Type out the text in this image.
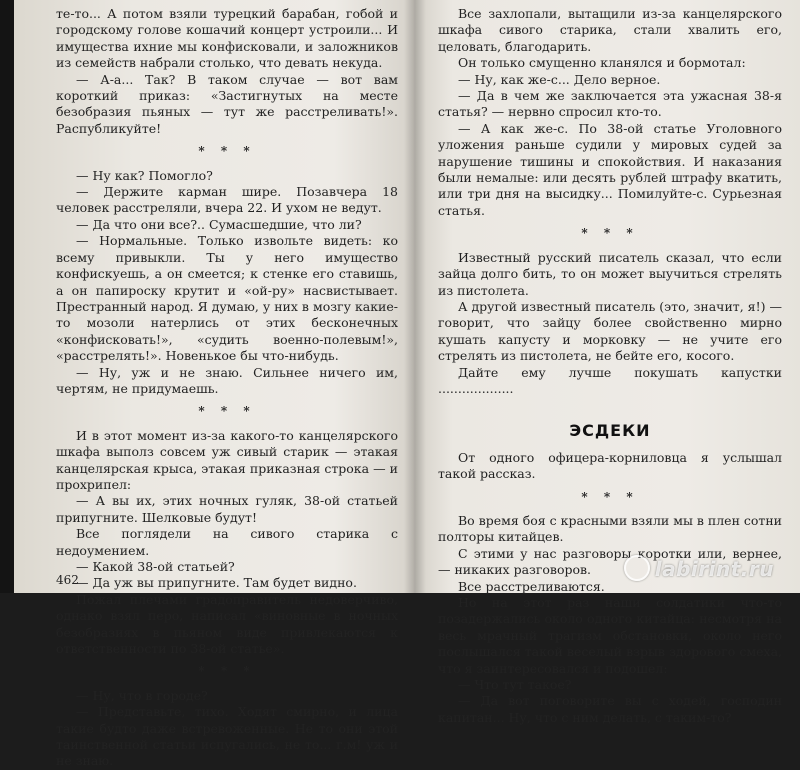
те-то... А потом взяли турецкий барабан, гобой и городскому голове кошачий концерт устроили... И имущества ихние мы конфисковали, и заложников из семейств набрали столько, что девать некуда.

— А-а... Так? В таком случае — вот вам короткий приказ: «Застигнутых на месте безобразия пьяных — тут же расстреливать!». Распубликуйте!

* * *

— Ну как? Помогло?

— Держите карман шире. Позавчера 18 человек расстреляли, вчера 22. И ухом не ведут.

— Да что они все?.. Сумасшедшие, что ли?

— Нормальные. Только извольте видеть: ко всему привыкли. Ты у него имущество конфискуешь, а он смеется; к стенке его ставишь, а он папироску крутит и «ой-ру» насвистывает. Престранный народ. Я думаю, у них в мозгу какие-то мозоли натерлись от этих бесконечных «конфисковать!», «судить военно-полевым!», «расстрелять!». Новенькое бы что-нибудь.

— Ну, уж и не знаю. Сильнее ничего им, чертям, не придумаешь.

* * *

И в этот момент из-за какого-то канцелярского шкафа выполз совсем уж сивый старик — этакая канцелярская крыса, этакая приказная строка — и прохрипел:

— А вы их, этих ночных гуляк, 38-ой статьей припугните. Шелковые будут!

Все поглядели на сивого старика с недоумением.

— Какой 38-ой статьей?

— Да уж вы припугните. Там будет видно.

Пожал плечами градоправитель недоверчиво, однако взял перо, написал «виновные в ночных безобразиях в пьяном виде привлекаются к ответственности по 38-ой статье».

* * *

— Ну, что в городе?

— Представьте, тихо. Ходят смирно, и лица такие будто даже встревоженные. Не то они этой таинственной статьи испугались, не то... г.м! уж и не знаю.

462

Все захлопали, вытащили из-за канцелярского шкафа сивого старика, стали хвалить его, целовать, благодарить.

Он только смущенно кланялся и бормотал:

— Ну, как же-с... Дело верное.

— Да в чем же заключается эта ужасная 38-я статья? — нервно спросил кто-то.

— А как же-с. По 38-ой статье Уголовного уложения раньше судили у мировых судей за нарушение тишины и спокойствия. И наказания были немалые: или десять рублей штрафу вкатить, или три дня на высидку... Помилуйте-с. Сурьезная статья.

* * *

Известный русский писатель сказал, что если зайца долго бить, то он может выучиться стрелять из пистолета.

А другой известный писатель (это, значит, я!) — говорит, что зайцу более свойственно мирно кушать капусту и морковку — не учите его стрелять из пистолета, не бейте его, косого.

Дайте ему лучше покушать капустки ...................

ЭСДЕКИ

От одного офицера-корниловца я услышал такой рассказ.

* * *

Во время боя с красными взяли мы в плен сотни полторы китайцев.

С этими у нас разговоры коротки или, вернее, — никаких разговоров.

Все расстреливаются.

Но на этот раз наши солдатики что-то позадержались около одного китайца: несмотря на весь мрачный трагизм обстановки, около него послышался такой веселый взрыв здорового смеха, что я заинтересовался и подошел:

— Что тут такое?

— Да вот поговорите вы с ходей, господин капитан... Ну, что с ним делать, с таким-то?

labirint.ru
